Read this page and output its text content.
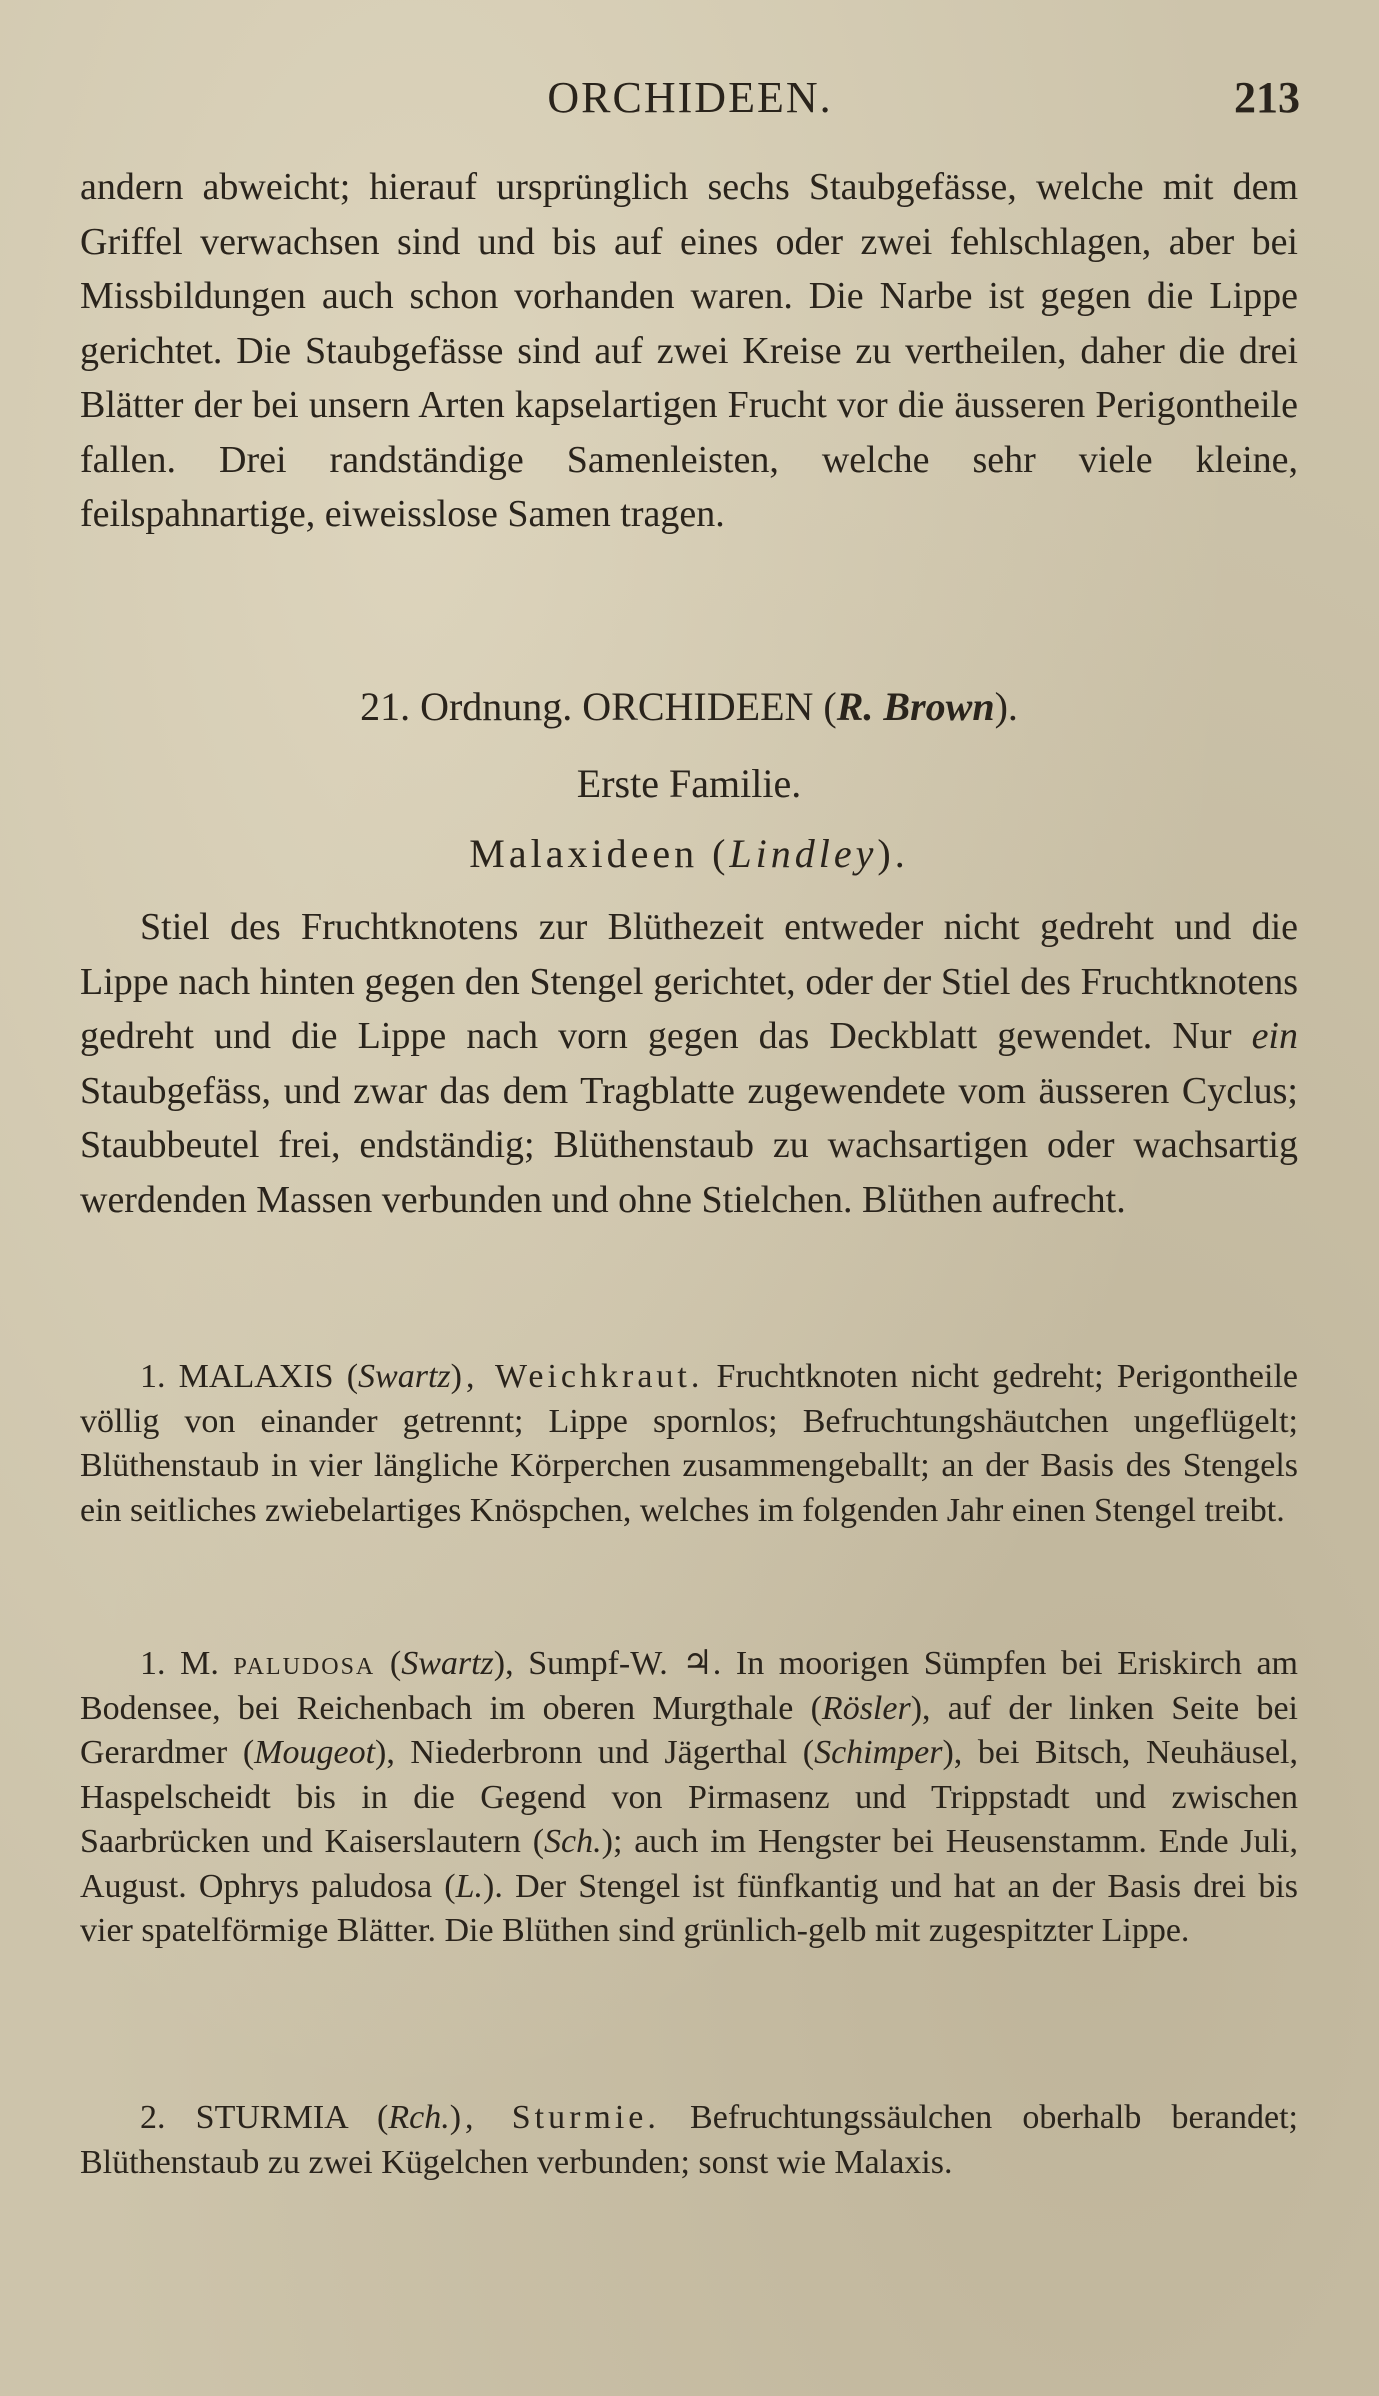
ORCHIDEEN.	213

andern abweicht; hierauf ursprünglich sechs Staubgefässe, welche mit dem Griffel verwachsen sind und bis auf eines oder zwei fehlschlagen, aber bei Missbildungen auch schon vorhanden waren. Die Narbe ist gegen die Lippe gerichtet. Die Staubgefässe sind auf zwei Kreise zu vertheilen, daher die drei Blätter der bei unsern Arten kapselartigen Frucht vor die äusseren Perigontheile fallen. Drei randständige Samenleisten, welche sehr viele kleine, feilspahnartige, eiweisslose Samen tragen.

21. Ordnung. ORCHIDEEN (R. Brown).
Erste Familie.
Malaxideen (Lindley).

Stiel des Fruchtknotens zur Blüthezeit entweder nicht gedreht und die Lippe nach hinten gegen den Stengel gerichtet, oder der Stiel des Fruchtknotens gedreht und die Lippe nach vorn gegen das Deckblatt gewendet. Nur ein Staubgefäss, und zwar das dem Tragblatte zugewendete vom äusseren Cyclus; Staubbeutel frei, endständig; Blüthenstaub zu wachsartigen oder wachsartig werdenden Massen verbunden und ohne Stielchen. Blüthen aufrecht.

1. MALAXIS (Swartz), Weichkraut. Fruchtknoten nicht gedreht; Perigontheile völlig von einander getrennt; Lippe spornlos; Befruchtungshäutchen ungeflügelt; Blüthenstaub in vier längliche Körperchen zusammengeballt; an der Basis des Stengels ein seitliches zwiebelartiges Knöspchen, welches im folgenden Jahr einen Stengel treibt.

1. M. paludosa (Swartz), Sumpf-W. ♃. In moorigen Sümpfen bei Eriskirch am Bodensee, bei Reichenbach im oberen Murgthale (Rösler), auf der linken Seite bei Gerardmer (Mougeot), Niederbronn und Jägerthal (Schimper), bei Bitsch, Neuhäusel, Haspelscheidt bis in die Gegend von Pirmasenz und Trippstadt und zwischen Saarbrücken und Kaiserslautern (Sch.); auch im Hengster bei Heusenstamm. Ende Juli, August. Ophrys paludosa (L.). Der Stengel ist fünfkantig und hat an der Basis drei bis vier spatelförmige Blätter. Die Blüthen sind grünlich-gelb mit zugespitzter Lippe.

2. STURMIA (Rch.), Sturmie. Befruchtungssäulchen oberhalb berandet; Blüthenstaub zu zwei Kügelchen verbunden; sonst wie Malaxis.
